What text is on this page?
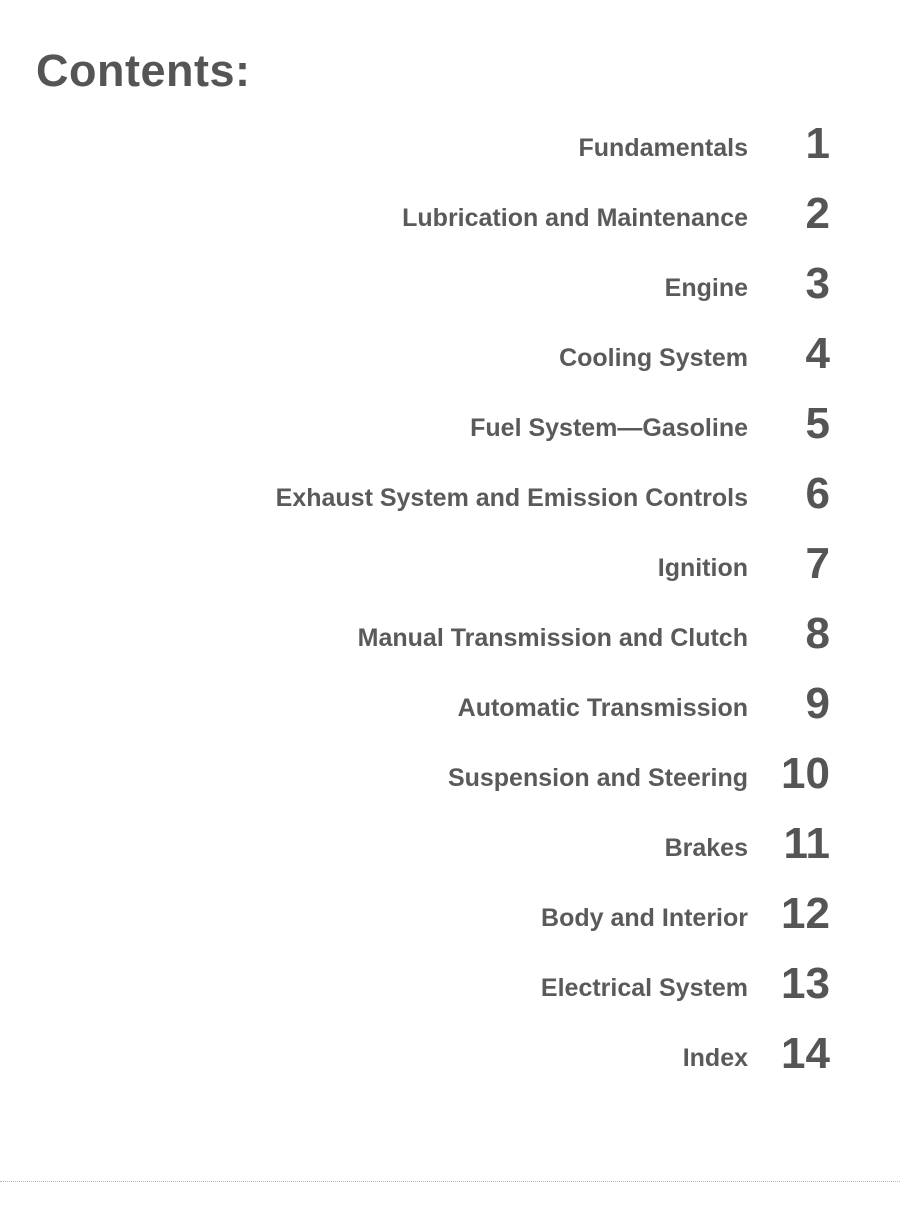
Contents:
Fundamentals 1
Lubrication and Maintenance 2
Engine 3
Cooling System 4
Fuel System—Gasoline 5
Exhaust System and Emission Controls 6
Ignition 7
Manual Transmission and Clutch 8
Automatic Transmission 9
Suspension and Steering 10
Brakes 11
Body and Interior 12
Electrical System 13
Index 14
